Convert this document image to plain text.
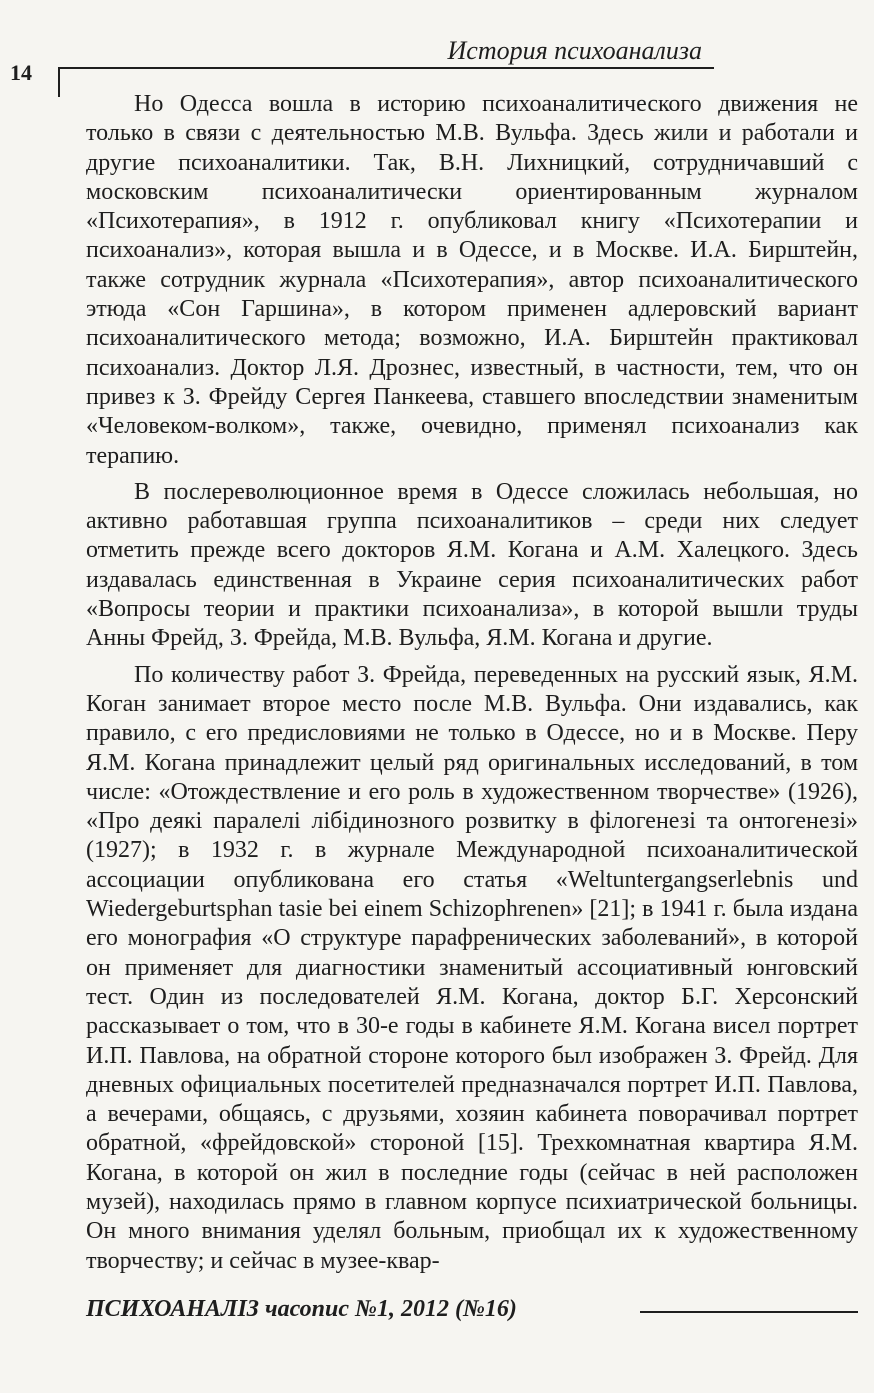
14
История психоанализа

Но Одесса вошла в историю психоаналитического движения не только в связи с деятельностью М.В. Вульфа. Здесь жили и работали и другие психоаналитики. Так, В.Н. Лихницкий, сотрудничавший с московским психоаналитически ориентированным журналом «Психотерапия», в 1912 г. опубликовал книгу «Психотерапии и психоанализ», которая вышла и в Одессе, и в Москве. И.А. Бирштейн, также сотрудник журнала «Психотерапия», автор психоаналитического этюда «Сон Гаршина», в котором применен адлеровский вариант психоаналитического метода; возможно, И.А. Бирштейн практиковал психоанализ. Доктор Л.Я. Дрознес, известный, в частности, тем, что он привез к З. Фрейду Сергея Панкеева, ставшего впоследствии знаменитым «Человеком-волком», также, очевидно, применял психоанализ как терапию.

В послереволюционное время в Одессе сложилась небольшая, но активно работавшая группа психоаналитиков – среди них следует отметить прежде всего докторов Я.М. Когана и А.М. Халецкого. Здесь издавалась единственная в Украине серия психоаналитических работ «Вопросы теории и практики психоанализа», в которой вышли труды Анны Фрейд, З. Фрейда, М.В. Вульфа, Я.М. Когана и другие.

По количеству работ З. Фрейда, переведенных на русский язык, Я.М. Коган занимает второе место после М.В. Вульфа. Они издавались, как правило, с его предисловиями не только в Одессе, но и в Москве. Перу Я.М. Когана принадлежит целый ряд оригинальных исследований, в том числе: «Отождествление и его роль в художественном творчестве» (1926), «Про деякі паралелі лібідинозного розвитку в філогенезі та онтогенезі» (1927); в 1932 г. в журнале Международной психоаналитической ассоциации опубликована его статья «Weltuntergangserlebnis und Wiedergeburtsphan tasie bei einem Schizophrenen» [21]; в 1941 г. была издана его монография «О структуре парафренических заболеваний», в которой он применяет для диагностики знаменитый ассоциативный юнговский тест. Один из последователей Я.М. Когана, доктор Б.Г. Херсонский рассказывает о том, что в 30-е годы в кабинете Я.М. Когана висел портрет И.П. Павлова, на обратной стороне которого был изображен З. Фрейд. Для дневных официальных посетителей предназначался портрет И.П. Павлова, а вечерами, общаясь, с друзьями, хозяин кабинета поворачивал портрет обратной, «фрейдовской» стороной [15]. Трехкомнатная квартира Я.М. Когана, в которой он жил в последние годы (сейчас в ней расположен музей), находилась прямо в главном корпусе психиатрической больницы. Он много внимания уделял больным, приобщал их к художественному творчеству; и сейчас в музее-квар-

ПСИХОАНАЛІЗ часопис №1, 2012 (№16)
